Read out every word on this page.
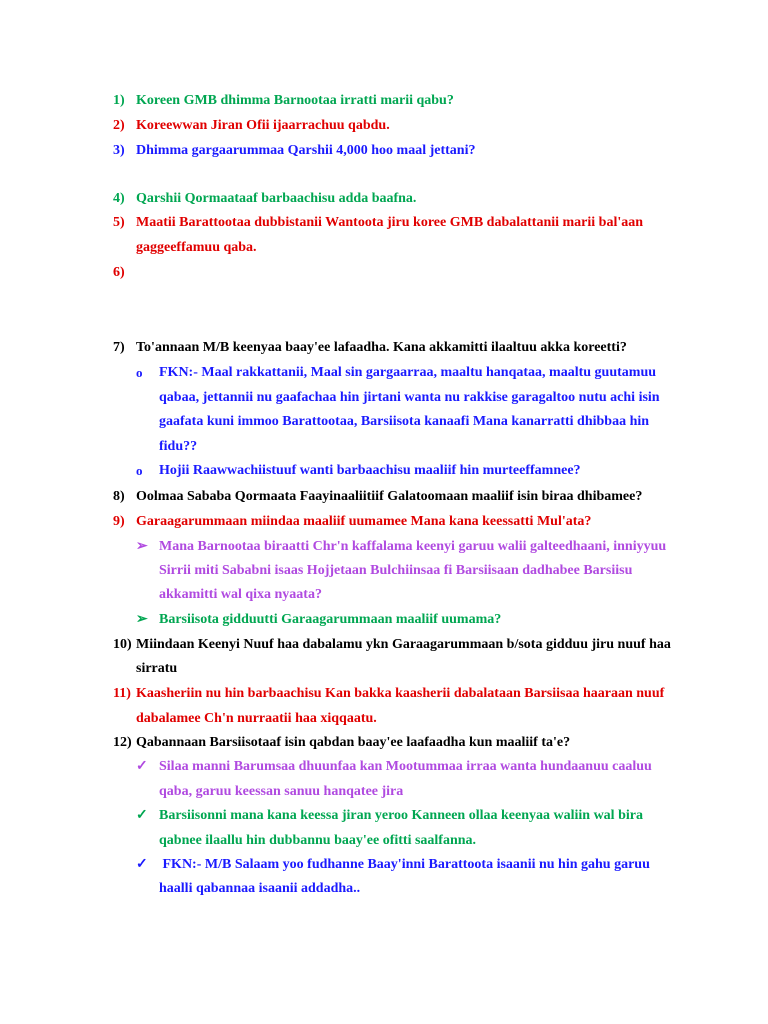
1) Koreen GMB dhimma Barnootaa irratti marii qabu?
2) Koreewwan Jiran Ofii ijaarrachuu qabdu.
3) Dhimma gargaarummaa Qarshii 4,000 hoo maal jettani?
4) Qarshii Qormaataaf barbaachisu adda baafna.
5) Maatii Barattootaa dubbistanii Wantoota jiru koree GMB dabalattanii marii bal'aan
gaggeeffamuu qaba.
6)
7) To'annaan M/B keenyaa baay'ee lafaadha. Kana akkamitti ilaaltuu akka koreetti?
o FKN:- Maal rakkattanii, Maal sin gargaarraa, maaltu hanqataa, maaltu guutamuu
qabaa, jettannii nu gaafachaa hin jirtani wanta nu rakkise garagaltoo nutu achi isin
gaafata kuni immoo Barattootaa, Barsiisota kanaafi Mana kanarratti dhibbaa hin
fidu??
o Hojii Raawwachiistuuf wanti barbaachisu maaliif hin murteeffamnee?
8) Oolmaa Sababa Qormaata Faayinaaliitiif Galatoomaan maaliif isin biraa dhibamee?
9) Garaagarummaan miindaa maaliif uumamee Mana kana keessatti Mul'ata?
➢ Mana Barnootaa biraatti Chr'n kaffalama keenyi garuu walii galteedhaani, inniyyuu
Sirrii miti Sababni isaas Hojjetaan Bulchiinsaa fi Barsiisaan dadhabee Barsiisu
akkamitti wal qixa nyaata?
➢ Barsiisota gidduutti Garaagarummaan maaliif uumama?
10) Miindaan Keenyi Nuuf haa dabalamu ykn Garaagarummaan b/sota gidduu jiru nuuf haa
sirratu
11) Kaasheriin nu hin barbaachisu Kan bakka kaasherii dabalataan Barsiisaa haaraan nuuf
dabalamee Ch'n nurraatii haa xiqqaatu.
12) Qabannaan Barsiisotaaf isin qabdan baay'ee laafaadha kun maaliif ta'e?
✓ Silaa manni Barumsaa dhuunfaa kan Mootummaa irraa wanta hundaanuu caaluu
qaba, garuu keessan sanuu hanqatee jira
✓ Barsiisonni mana kana keessa jiran yeroo Kanneen ollaa keenyaa waliin wal bira
qabnee ilaallu hin dubbannu baay'ee ofitti saalfanna.
✓ FKN:- M/B Salaam yoo fudhanne Baay'inni Barattoota isaanii nu hin gahu garuu
haalli qabannaa isaanii addadha..
